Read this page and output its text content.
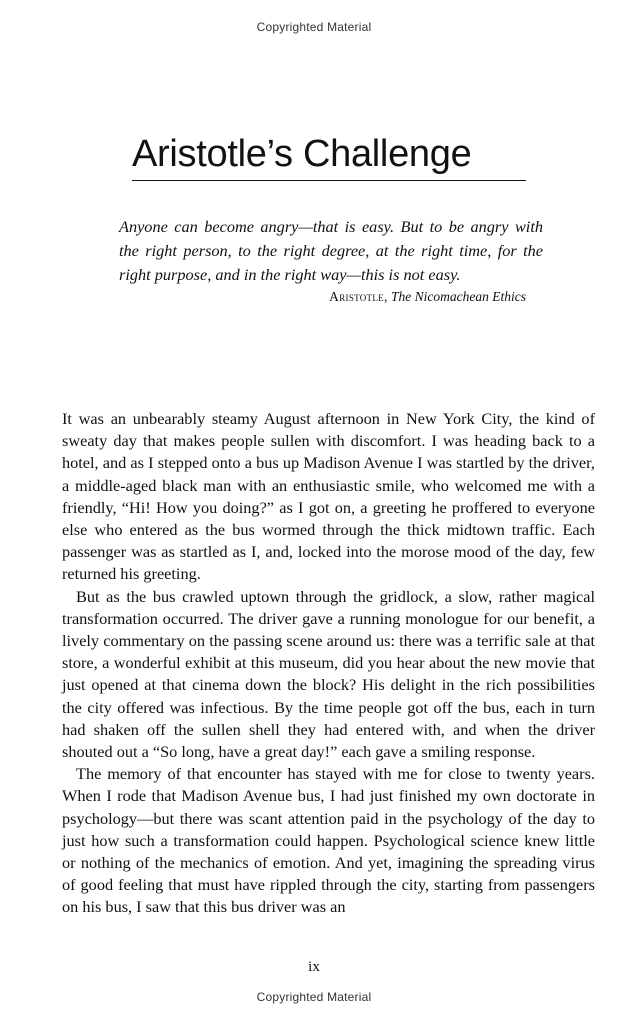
Copyrighted Material
Aristotle’s Challenge

Anyone can become angry—that is easy. But to be angry with the right person, to the right degree, at the right time, for the right purpose, and in the right way—this is not easy.

Aristotle, The Nicomachean Ethics

It was an unbearably steamy August afternoon in New York City, the kind of sweaty day that makes people sullen with discomfort. I was heading back to a hotel, and as I stepped onto a bus up Madison Avenue I was startled by the driver, a middle-aged black man with an enthusiastic smile, who welcomed me with a friendly, “Hi! How you doing?” as I got on, a greeting he proffered to everyone else who entered as the bus wormed through the thick midtown traffic. Each passenger was as startled as I, and, locked into the morose mood of the day, few returned his greeting.

But as the bus crawled uptown through the gridlock, a slow, rather magical transformation occurred. The driver gave a running monologue for our benefit, a lively commentary on the passing scene around us: there was a terrific sale at that store, a wonderful exhibit at this museum, did you hear about the new movie that just opened at that cinema down the block? His delight in the rich possibilities the city offered was infectious. By the time people got off the bus, each in turn had shaken off the sullen shell they had entered with, and when the driver shouted out a “So long, have a great day!” each gave a smiling response.

The memory of that encounter has stayed with me for close to twenty years. When I rode that Madison Avenue bus, I had just finished my own doctorate in psychology—but there was scant attention paid in the psychology of the day to just how such a transformation could happen. Psychological science knew little or nothing of the mechanics of emotion. And yet, imagining the spreading virus of good feeling that must have rippled through the city, starting from passengers on his bus, I saw that this bus driver was an

ix
Copyrighted Material
